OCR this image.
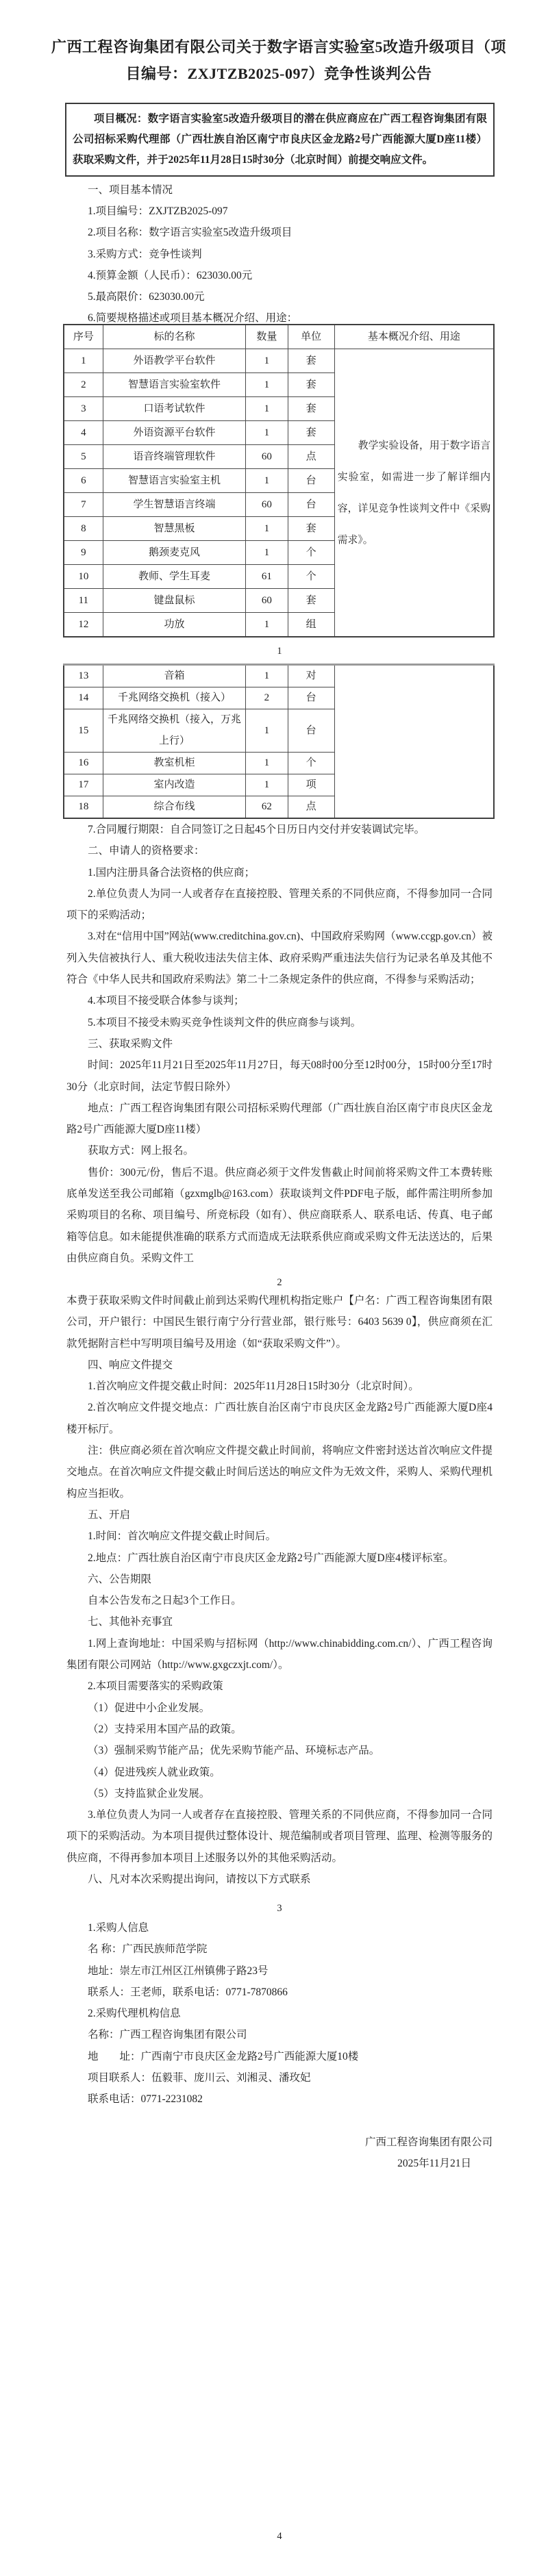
广西工程咨询集团有限公司关于数字语言实验室5改造升级项目（项目编号：ZXJTZB2025-097）竞争性谈判公告

项目概况：数字语言实验室5改造升级项目的潜在供应商应在广西工程咨询集团有限公司招标采购代理部（广西壮族自治区南宁市良庆区金龙路2号广西能源大厦D座11楼）获取采购文件，并于2025年11月28日15时30分（北京时间）前提交响应文件。

一、项目基本情况

1.项目编号：ZXJTZB2025-097

2.项目名称：数字语言实验室5改造升级项目

3.采购方式：竞争性谈判

4.预算金额（人民币）：623030.00元

5.最高限价：623030.00元

6.简要规格描述或项目基本概况介绍、用途：

序号	标的名称	数量	单位	基本概况介绍、用途
1	外语教学平台软件	1	套	教学实验设备，用于数字语言实验室，如需进一步了解详细内容，详见竞争性谈判文件中《采购需求》。

2	智慧语言实验室软件	1	套	
3	口语考试软件	1	套	
4	外语资源平台软件	1	套	
5	语音终端管理软件	60	点	
6	智慧语言实验室主机	1	台	
7	学生智慧语言终端	60	台	
8	智慧黑板	1	套	
9	鹅颈麦克风	1	个	
10	教师、学生耳麦	61	个	
11	键盘鼠标	60	套	
12	功放	1	组	
1
13	音箱	1	对	

14	千兆网络交换机（接入）	2	台	
15	千兆网络交换机（接入，万兆上行）	1	台	
16	教室机柜	1	个	
17	室内改造	1	项	
18	综合布线	62	点	

7.合同履行期限：自合同签订之日起45个日历日内交付并安装调试完毕。

二、申请人的资格要求：

1.国内注册具备合法资格的供应商；

2.单位负责人为同一人或者存在直接控股、管理关系的不同供应商，不得参加同一合同项下的采购活动；

3.对在“信用中国”网站(www.creditchina.gov.cn)、中国政府采购网（www.ccgp.gov.cn）被列入失信被执行人、重大税收违法失信主体、政府采购严重违法失信行为记录名单及其他不符合《中华人民共和国政府采购法》第二十二条规定条件的供应商，不得参与采购活动；

4.本项目不接受联合体参与谈判；

5.本项目不接受未购买竞争性谈判文件的供应商参与谈判。

三、获取采购文件

时间：2025年11月21日至2025年11月27日，每天08时00分至12时00分，15时00分至17时30分（北京时间，法定节假日除外）

地点：广西工程咨询集团有限公司招标采购代理部（广西壮族自治区南宁市良庆区金龙路2号广西能源大厦D座11楼）

获取方式：网上报名。

售价：300元/份，售后不退。供应商必须于文件发售截止时间前将采购文件工本费转账底单发送至我公司邮箱（gzxmglb@163.com）获取谈判文件PDF电子版，邮件需注明所参加采购项目的名称、项目编号、所竞标段（如有）、供应商联系人、联系电话、传真、电子邮箱等信息。如未能提供准确的联系方式而造成无法联系供应商或采购文件无法送达的，后果由供应商自负。采购文件工

2

本费于获取采购文件时间截止前到达采购代理机构指定账户【户名：广西工程咨询集团有限公司，开户银行：中国民生银行南宁分行营业部，银行账号：6403 5639 0】，供应商须在汇款凭据附言栏中写明项目编号及用途（如“获取采购文件”）。

四、响应文件提交

1.首次响应文件提交截止时间：2025年11月28日15时30分（北京时间）。

2.首次响应文件提交地点：广西壮族自治区南宁市良庆区金龙路2号广西能源大厦D座4楼开标厅。

注：供应商必须在首次响应文件提交截止时间前，将响应文件密封送达首次响应文件提交地点。在首次响应文件提交截止时间后送达的响应文件为无效文件，采购人、采购代理机构应当拒收。

五、开启

1.时间：首次响应文件提交截止时间后。

2.地点：广西壮族自治区南宁市良庆区金龙路2号广西能源大厦D座4楼评标室。

六、公告期限

自本公告发布之日起3个工作日。

七、其他补充事宜

1.网上查询地址：中国采购与招标网（http://www.chinabidding.com.cn/）、广西工程咨询集团有限公司网站（http://www.gxgczxjt.com/）。

2.本项目需要落实的采购政策

（1）促进中小企业发展。

（2）支持采用本国产品的政策。

（3）强制采购节能产品；优先采购节能产品、环境标志产品。

（4）促进残疾人就业政策。

（5）支持监狱企业发展。

3.单位负责人为同一人或者存在直接控股、管理关系的不同供应商，不得参加同一合同项下的采购活动。为本项目提供过整体设计、规范编制或者项目管理、监理、检测等服务的供应商，不得再参加本项目上述服务以外的其他采购活动。

八、凡对本次采购提出询问，请按以下方式联系

3

1.采购人信息

名 称：广西民族师范学院

地址：崇左市江州区江州镇佛子路23号

联系人：王老师，联系电话：0771-7870866

2.采购代理机构信息

名称：广西工程咨询集团有限公司

地　　址：广西南宁市良庆区金龙路2号广西能源大厦10楼

项目联系人：伍毅菲、庞川云、刘湘灵、潘玫妃

联系电话：0771-2231082

广西工程咨询集团有限公司

2025年11月21日

4
